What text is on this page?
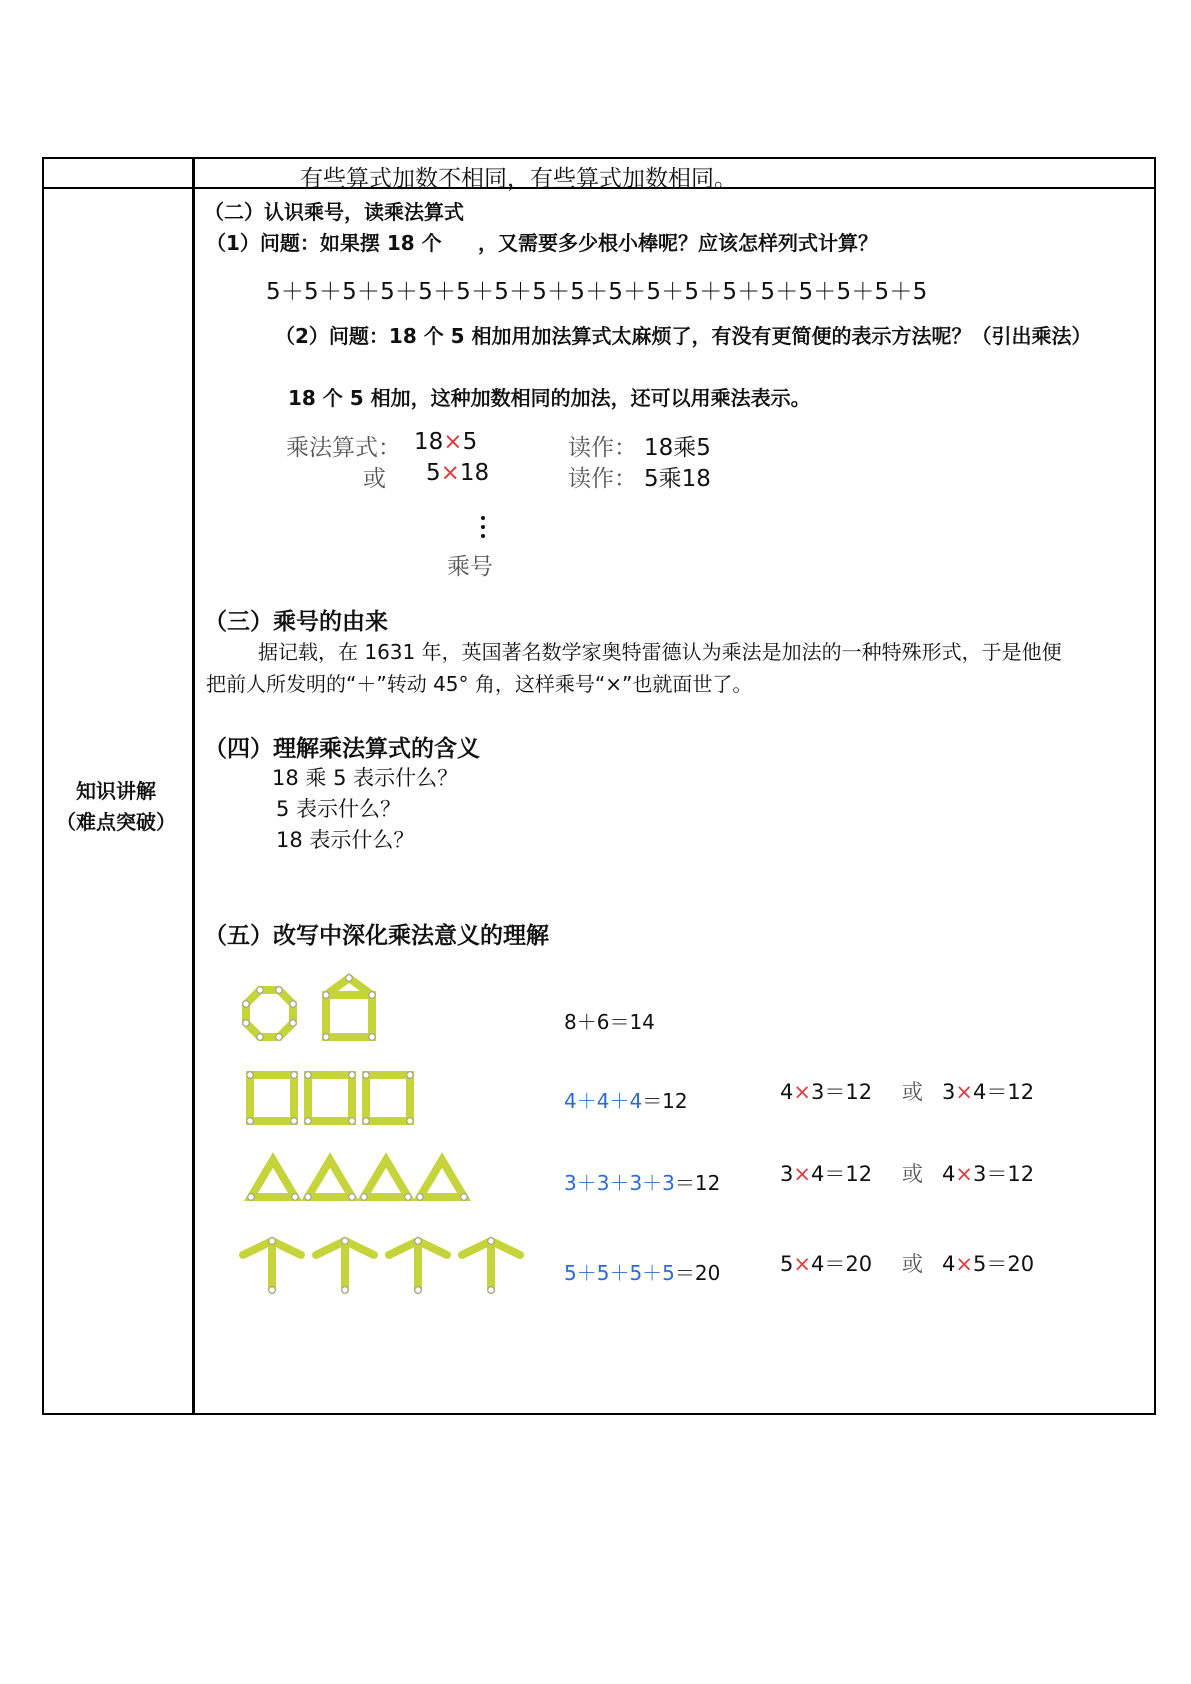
有些算式加数不相同，有些算式加数相同。
知识讲解
（难点突破）
（二）认识乘号，读乘法算式
（1）问题：如果摆 18 个 ，又需要多少根小棒呢？应该怎样列式计算？
5＋5＋5＋5＋5＋5＋5＋5＋5＋5＋5＋5＋5＋5＋5＋5＋5＋5
（2）问题：18 个 5 相加用加法算式太麻烦了，有没有更简便的表示方法呢？（引出乘法）
18 个 5 相加，这种加数相同的加法，还可以用乘法表示。
乘法算式： 18×5	读作： 18乘5
或 5×18	读作： 5乘18
乘号
（三）乘号的由来
据记载，在 1631 年，英国著名数学家奥特雷德认为乘法是加法的一种特殊形式，于是他便
把前人所发明的“＋”转动 45° 角，这样乘号“×”也就面世了。
（四）理解乘法算式的含义
18 乘 5 表示什么？
5 表示什么？
18 表示什么？
（五）改写中深化乘法意义的理解
8＋6＝14
4＋4＋4＝12	4×3＝12 或 3×4＝12
3＋3＋3＋3＝12	3×4＝12 或 4×3＝12
5＋5＋5＋5＝20	5×4＝20 或 4×5＝20
